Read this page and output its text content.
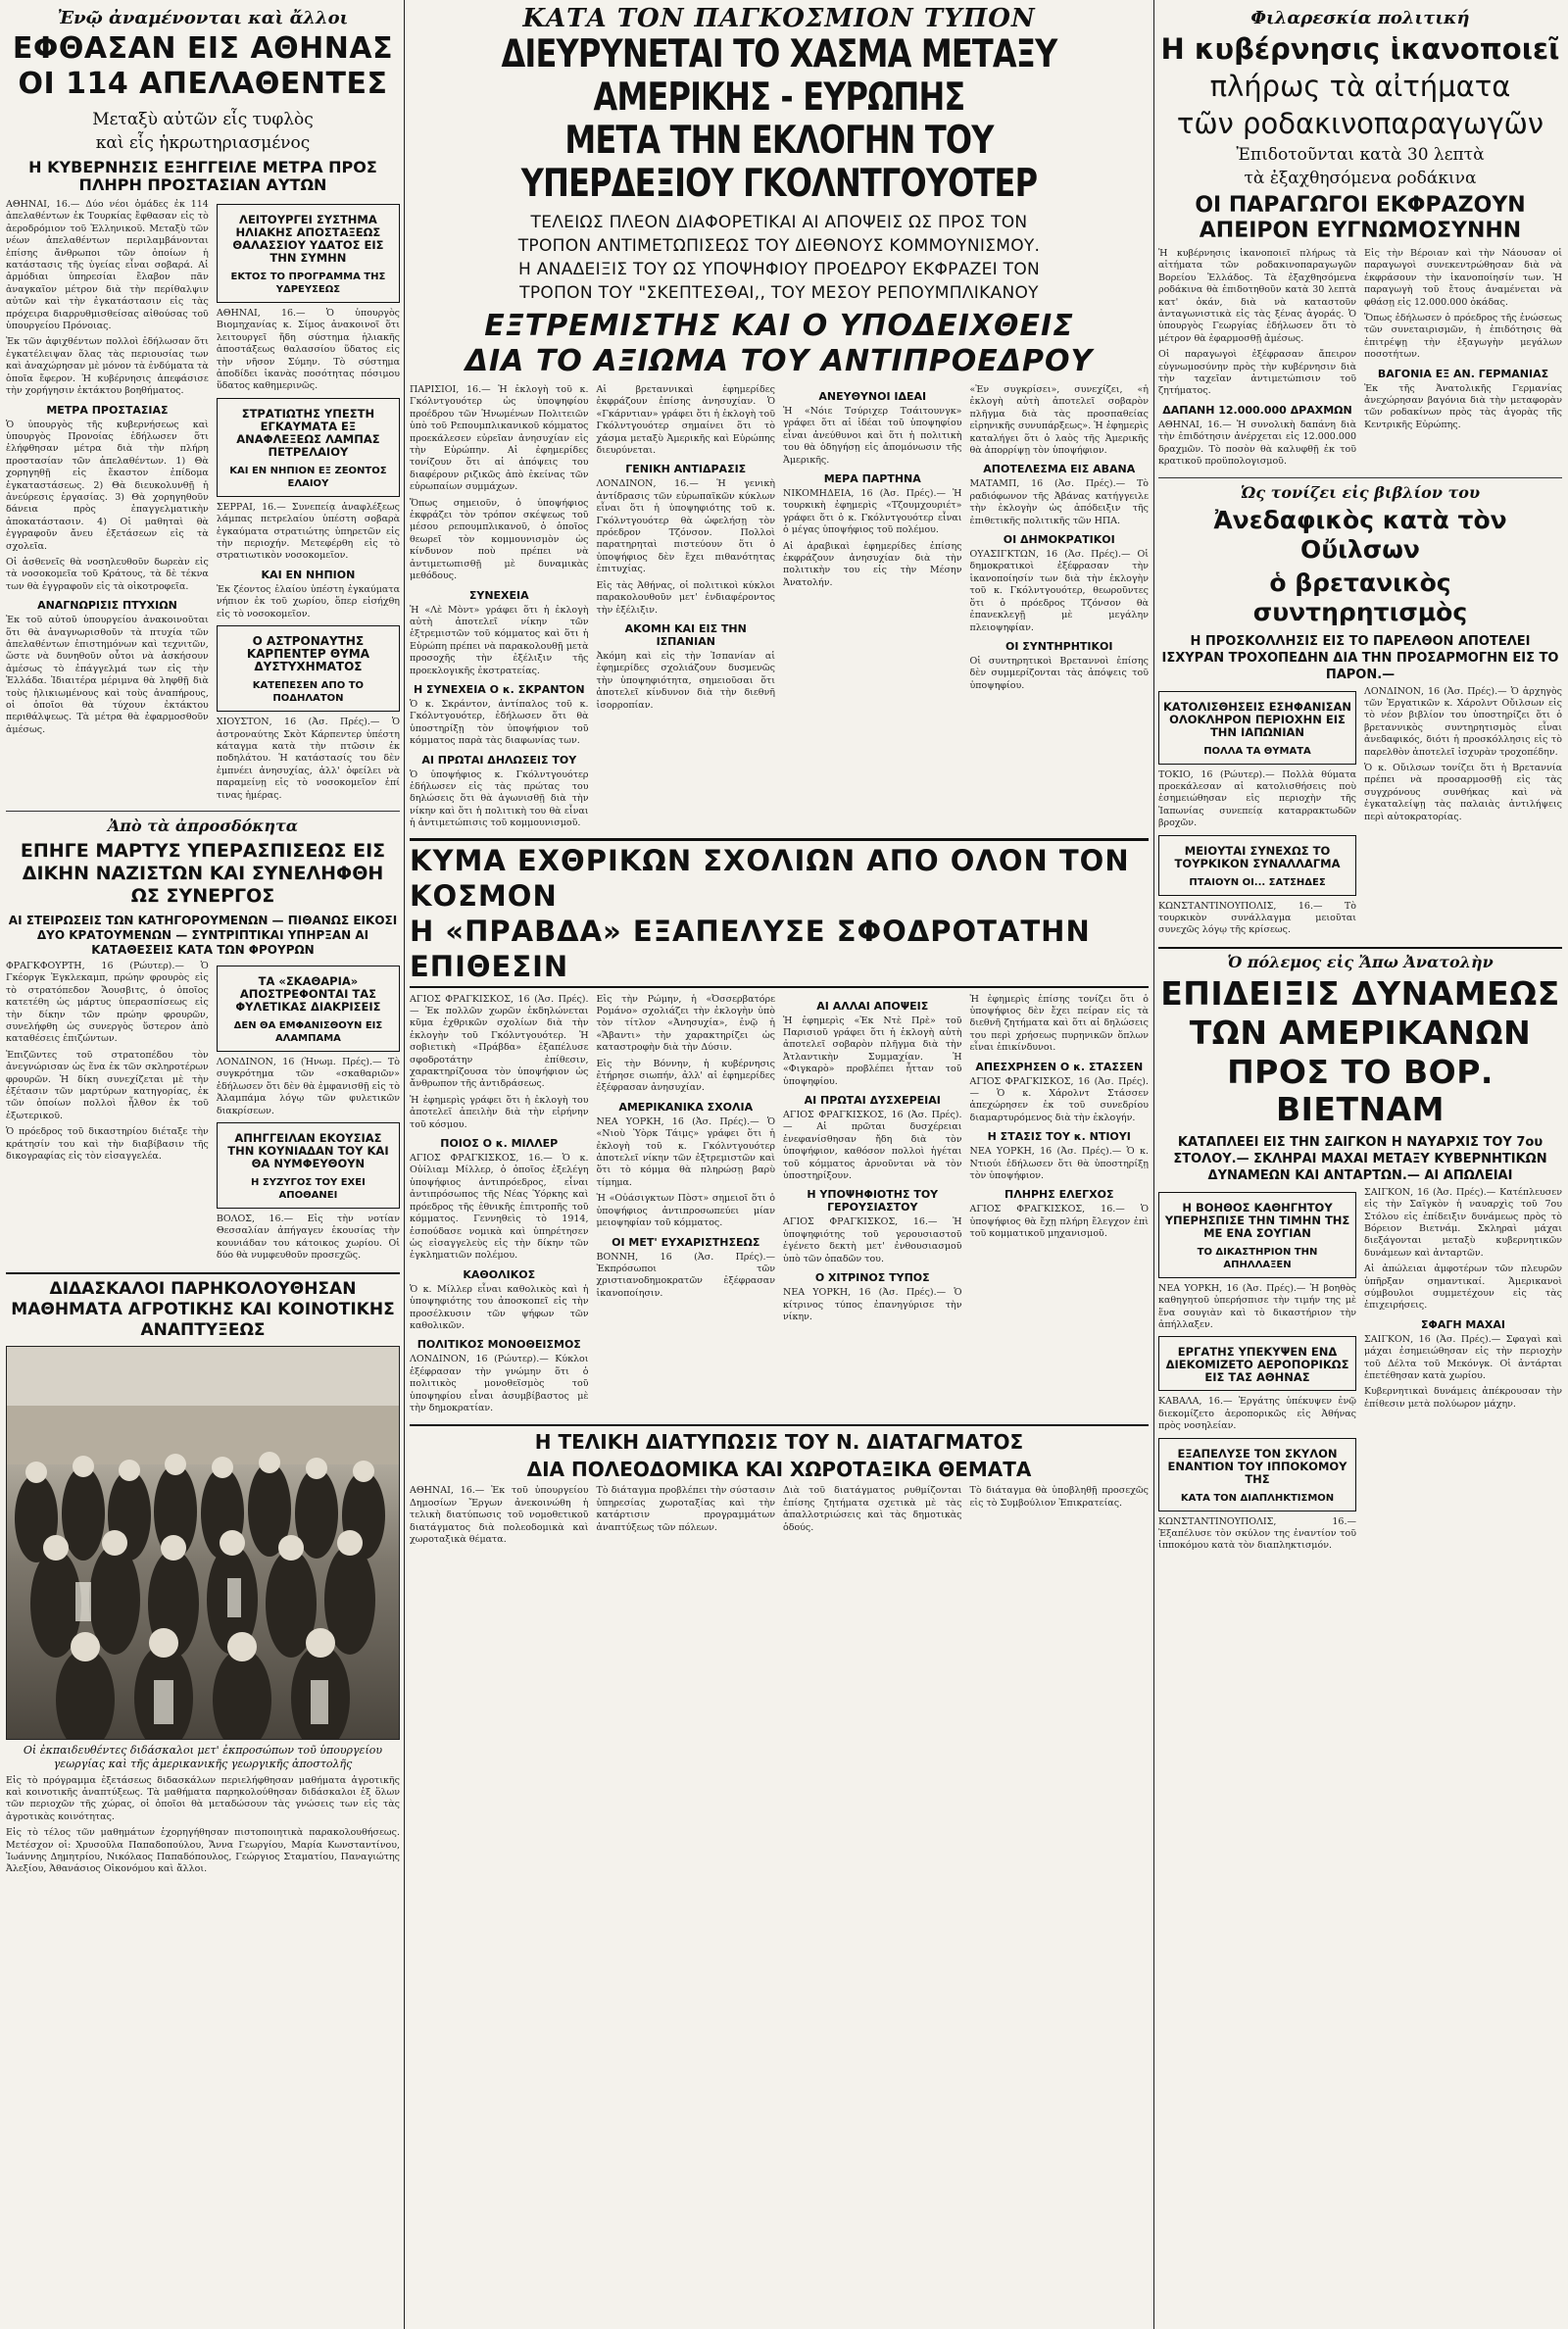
Ἐνῷ ἀναμένονται καὶ ἄλλοι
ΕΦΘΑΣΑΝ ΕΙΣ ΑΘΗΝΑΣ
ΟΙ 114 ΑΠΕΛΑΘΕΝΤΕΣ
Μεταξὺ αὐτῶν εἷς τυφλὸς
καὶ εἷς ἡκρωτηριασμένος
Η ΚΥΒΕΡΝΗΣΙΣ ΕΞΗΓΓΕΙΛΕ ΜΕΤΡΑ ΠΡΟΣ ΠΛΗΡΗ ΠΡΟΣΤΑΣΙΑΝ ΑΥΤΩΝ

ΑΘΗΝΑΙ, 16.— Δύο νέοι ὁμάδες ἐκ 114 ἀπελαθέντων ἐκ Τουρκίας ἔφθασαν εἰς τὸ ἀεροδρόμιον τοῦ Ἑλληνικοῦ. Μεταξὺ τῶν νέων ἀπελαθέντων περιλαμβάνονται ἐπίσης ἄνθρωποι τῶν ὁποίων ἡ κατάστασις τῆς ὑγείας εἶναι σοβαρά. Αἱ ἀρμόδιαι ὑπηρεσίαι ἔλαβον πᾶν ἀναγκαῖον μέτρον διὰ τὴν περίθαλψιν αὐτῶν καὶ τὴν ἐγκατάστασιν εἰς τὰς πρόχειρα διαρρυθμισθείσας αἰθούσας τοῦ ὑπουργείου Πρόνοιας.

Ἐκ τῶν ἀφιχθέντων πολλοὶ ἐδήλωσαν ὅτι ἐγκατέλειψαν ὅλας τὰς περιουσίας των καὶ ἀναχώρησαν μὲ μόνον τὰ ἐνδύματα τὰ ὁποῖα ἔφερον. Ἡ κυβέρνησις ἀπεφάσισε τὴν χορήγησιν ἐκτάκτου βοηθήματος.

ΜΕΤΡΑ ΠΡΟΣΤΑΣΙΑΣ

Ὁ ὑπουργὸς τῆς κυβερνήσεως καὶ ὑπουργὸς Προνοίας ἐδήλωσεν ὅτι ἐλήφθησαν μέτρα διὰ τὴν πλήρη προστασίαν τῶν ἀπελαθέντων. 1) Θὰ χορηγηθῇ εἰς ἕκαστον ἐπίδομα ἐγκαταστάσεως. 2) Θὰ διευκολυνθῇ ἡ ἀνεύρεσις ἐργασίας. 3) Θὰ χορηγηθοῦν δάνεια πρὸς ἐπαγγελματικὴν ἀποκατάστασιν. 4) Οἱ μαθηταὶ θὰ ἐγγραφοῦν ἄνευ ἐξετάσεων εἰς τὰ σχολεῖα.

Οἱ ἀσθενεῖς θὰ νοσηλευθοῦν δωρεὰν εἰς τὰ νοσοκομεῖα τοῦ Κράτους, τὰ δὲ τέκνα των θὰ ἐγγραφοῦν εἰς τὰ οἰκοτροφεῖα.

ΑΝΑΓΝΩΡΙΣΙΣ ΠΤΥΧΙΩΝ

Ἐκ τοῦ αὐτοῦ ὑπουργείου ἀνακοινοῦται ὅτι θὰ ἀναγνωρισθοῦν τὰ πτυχία τῶν ἀπελαθέντων ἐπιστημόνων καὶ τεχνιτῶν, ὥστε νὰ δυνηθοῦν οὗτοι νὰ ἀσκήσουν ἀμέσως τὸ ἐπάγγελμά των εἰς τὴν Ἑλλάδα. Ἰδιαιτέρα μέριμνα θὰ ληφθῇ διὰ τοὺς ἡλικιωμένους καὶ τοὺς ἀναπήρους, οἱ ὁποῖοι θὰ τύχουν ἐκτάκτου περιθάλψεως. Τὰ μέτρα θὰ ἐφαρμοσθοῦν ἀμέσως.

ΛΕΙΤΟΥΡΓΕΙ ΣΥΣΤΗΜΑ ΗΛΙΑΚΗΣ ΑΠΟΣΤΑΞΕΩΣ ΘΑΛΑΣΣΙΟΥ ΥΔΑΤΟΣ ΕΙΣ ΤΗΝ ΣΥΜΗΝ
ΕΚΤΟΣ ΤΟ ΠΡΟΓΡΑΜΜΑ ΤΗΣ ΥΔΡΕΥΣΕΩΣ

ΑΘΗΝΑΙ, 16.— Ὁ ὑπουργὸς Βιομηχανίας κ. Σίμος ἀνακοινοῖ ὅτι λειτουργεῖ ἤδη σύστημα ἡλιακῆς ἀποστάξεως θαλασσίου ὕδατος εἰς τὴν νῆσον Σύμην. Τὸ σύστημα ἀποδίδει ἱκανὰς ποσότητας πόσιμου ὕδατος καθημερινῶς.

ΣΤΡΑΤΙΩΤΗΣ ΥΠΕΣΤΗ ΕΓΚΑΥΜΑΤΑ ΕΞ ΑΝΑΦΛΕΞΕΩΣ ΛΑΜΠΑΣ ΠΕΤΡΕΛΑΙΟΥ
ΚΑΙ ΕΝ ΝΗΠΙΟΝ ΕΞ ΖΕΟΝΤΟΣ ΕΛΑΙΟΥ

ΣΕΡΡΑΙ, 16.— Συνεπείᾳ ἀναφλέξεως λάμπας πετρελαίου ὑπέστη σοβαρὰ ἐγκαύματα στρατιώτης ὑπηρετῶν εἰς τὴν περιοχήν. Μετεφέρθη εἰς τὸ στρατιωτικὸν νοσοκομεῖον.

ΚΑΙ ΕΝ ΝΗΠΙΟΝ

Ἐκ ζέοντος ἐλαίου ὑπέστη ἐγκαύματα νήπιον ἐκ τοῦ χωρίου, ὅπερ εἰσήχθη εἰς τὸ νοσοκομεῖον.

Ο ΑΣΤΡΟΝΑΥΤΗΣ ΚΑΡΠΕΝΤΕΡ ΘΥΜΑ ΔΥΣΤΥΧΗΜΑΤΟΣ
ΚΑΤΕΠΕΣΕΝ ΑΠΟ ΤΟ ΠΟΔΗΛΑΤΟΝ

ΧΙΟΥΣΤΟΝ, 16 (Ἀσ. Πρές).— Ὁ ἀστροναύτης Σκὸτ Κάρπεντερ ὑπέστη κάταγμα κατὰ τὴν πτῶσιν ἐκ ποδηλάτου. Ἡ κατάστασίς του δὲν ἐμπνέει ἀνησυχίας, ἀλλ' ὀφείλει νὰ παραμείνῃ εἰς τὸ νοσοκομεῖον ἐπί τινας ἡμέρας.

Ἀπὸ τὰ ἀπροσδόκητα
ΕΠΗΓΕ ΜΑΡΤΥΣ ΥΠΕΡΑΣΠΙΣΕΩΣ ΕΙΣ ΔΙΚΗΝ ΝΑΖΙΣΤΩΝ ΚΑΙ ΣΥΝΕΛΗΦΘΗ ΩΣ ΣΥΝΕΡΓΟΣ
ΑΙ ΣΤΕΙΡΩΣΕΙΣ ΤΩΝ ΚΑΤΗΓΟΡΟΥΜΕΝΩΝ — ΠΙΘΑΝΩΣ ΕΙΚΟΣΙ ΔΥΟ ΚΡΑΤΟΥΜΕΝΩΝ — ΣΥΝΤΡΙΠΤΙΚΑΙ ΥΠΗΡΞΑΝ ΑΙ ΚΑΤΑΘΕΣΕΙΣ ΚΑΤΑ ΤΩΝ ΦΡΟΥΡΩΝ

ΦΡΑΓΚΦΟΥΡΤΗ, 16 (Ρώυτερ).— Ὁ Γκέοργκ Ἐγκλεκαμπ, πρώην φρουρὸς εἰς τὸ στρατόπεδον Ἄουσβιτς, ὁ ὁποῖος κατετέθη ὡς μάρτυς ὑπερασπίσεως εἰς τὴν δίκην τῶν πρώην φρουρῶν, συνελήφθη ὡς συνεργὸς ὕστερον ἀπὸ καταθέσεις ἐπιζώντων.

Ἐπιζῶντες τοῦ στρατοπέδου τὸν ἀνεγνώρισαν ὡς ἕνα ἐκ τῶν σκληροτέρων φρουρῶν. Ἡ δίκη συνεχίζεται μὲ τὴν ἐξέτασιν τῶν μαρτύρων κατηγορίας, ἐκ τῶν ὁποίων πολλοὶ ἦλθον ἐκ τοῦ ἐξωτερικοῦ.

Ὁ πρόεδρος τοῦ δικαστηρίου διέταξε τὴν κράτησίν του καὶ τὴν διαβίβασιν τῆς δικογραφίας εἰς τὸν εἰσαγγελέα.

ΤΑ «ΣΚΑΘΑΡΙΑ» ΑΠΟΣΤΡΕΦΟΝΤΑΙ ΤΑΣ ΦΥΛΕΤΙΚΑΣ ΔΙΑΚΡΙΣΕΙΣ
ΔΕΝ ΘΑ ΕΜΦΑΝΙΣΘΟΥΝ ΕΙΣ ΑΛΑΜΠΑΜΑ

ΛΟΝΔΙΝΟΝ, 16 (Ἠνωμ. Πρές).— Τὸ συγκρότημα τῶν «σκαθαριῶν» ἐδήλωσεν ὅτι δὲν θὰ ἐμφανισθῇ εἰς τὸ Ἀλαμπάμα λόγῳ τῶν φυλετικῶν διακρίσεων.

ΑΠΗΓΓΕΙΛΑΝ ΕΚΟΥΣΙΑΣ ΤΗΝ ΚΟΥΝΙΑΔΑΝ ΤΟΥ ΚΑΙ ΘΑ ΝΥΜΦΕΥΘΟΥΝ
Η ΣΥΖΥΓΟΣ ΤΟΥ ΕΧΕΙ ΑΠΟΘΑΝΕΙ

ΒΟΛΟΣ, 16.— Εἰς τὴν νοτίαν Θεσσαλίαν ἀπήγαγεν ἑκουσίας τὴν κουνιάδαν του κάτοικος χωρίου. Οἱ δύο θὰ νυμφευθοῦν προσεχῶς.

ΔΙΔΑΣΚΑΛΟΙ ΠΑΡΗΚΟΛΟΥΘΗΣΑΝ ΜΑΘΗΜΑΤΑ ΑΓΡΟΤΙΚΗΣ ΚΑΙ ΚΟΙΝΟΤΙΚΗΣ ΑΝΑΠΤΥΞΕΩΣ
Οἱ ἐκπαιδευθέντες διδάσκαλοι μετ' ἐκπροσώπων τοῦ ὑπουργείου γεωργίας καὶ τῆς ἀμερικανικῆς γεωργικῆς ἀποστολῆς

Εἰς τὸ πρόγραμμα ἐξετάσεως διδασκάλων περιελήφθησαν μαθήματα ἀγροτικῆς καὶ κοινοτικῆς ἀναπτύξεως. Τὰ μαθήματα παρηκολούθησαν διδάσκαλοι ἐξ ὅλων τῶν περιοχῶν τῆς χώρας, οἱ ὁποῖοι θὰ μεταδώσουν τὰς γνώσεις των εἰς τὰς ἀγροτικὰς κοινότητας.

Εἰς τὸ τέλος τῶν μαθημάτων ἐχορηγήθησαν πιστοποιητικὰ παρακολουθήσεως. Μετέσχον οἱ: Χρυσοῦλα Παπαδοπούλου, Ἄννα Γεωργίου, Μαρία Κωνσταντίνου, Ἰωάννης Δημητρίου, Νικόλαος Παπαδόπουλος, Γεώργιος Σταματίου, Παναγιώτης Ἀλεξίου, Ἀθανάσιος Οἰκονόμου καὶ ἄλλοι.

ΚΑΤΑ ΤΟΝ ΠΑΓΚΟΣΜΙΟΝ ΤΥΠΟΝ
ΔΙΕΥΡΥΝΕΤΑΙ ΤΟ ΧΑΣΜΑ ΜΕΤΑΞΥ ΑΜΕΡΙΚΗΣ - ΕΥΡΩΠΗΣ
ΜΕΤΑ ΤΗΝ ΕΚΛΟΓΗΝ ΤΟΥ ΥΠΕΡΔΕΞΙΟΥ ΓΚΟΛΝΤΓΟΥΟΤΕΡ
ΤΕΛΕΙΩΣ ΠΛΕΟΝ ΔΙΑΦΟΡΕΤΙΚΑΙ ΑΙ ΑΠΟΨΕΙΣ ΩΣ ΠΡΟΣ ΤΟΝ
ΤΡΟΠΟΝ ΑΝΤΙΜΕΤΩΠΙΣΕΩΣ ΤΟΥ ΔΙΕΘΝΟΥΣ ΚΟΜΜΟΥΝΙΣΜΟΥ.
Η ΑΝΑΔΕΙΞΙΣ ΤΟΥ ΩΣ ΥΠΟΨΗΦΙΟΥ ΠΡΟΕΔΡΟΥ ΕΚΦΡΑΖΕΙ ΤΟΝ
ΤΡΟΠΟΝ ΤΟΥ "ΣΚΕΠΤΕΣΘΑΙ,, ΤΟΥ ΜΕΣΟΥ ΡΕΠΟΥΜΠΛΙΚΑΝΟΥ
ΕΞΤΡΕΜΙΣΤΗΣ ΚΑΙ Ο ΥΠΟΔΕΙΧΘΕΙΣ
ΔΙΑ ΤΟ ΑΞΙΩΜΑ ΤΟΥ ΑΝΤΙΠΡΟΕΔΡΟΥ

ΠΑΡΙΣΙΟΙ, 16.— Ἡ ἐκλογὴ τοῦ κ. Γκόλντγουότερ ὡς ὑποψηφίου προέδρου τῶν Ἡνωμένων Πολιτειῶν ὑπὸ τοῦ Ρεπουμπλικανικοῦ κόμματος προεκάλεσεν εὐρεῖαν ἀνησυχίαν εἰς τὴν Εὐρώπην. Αἱ ἐφημερίδες τονίζουν ὅτι αἱ ἀπόψεις του διαφέρουν ριζικῶς ἀπὸ ἐκείνας τῶν εὐρωπαίων συμμάχων.

Ὅπως σημειοῦν, ὁ ὑποψήφιος ἐκφράζει τὸν τρόπον σκέψεως τοῦ μέσου ρεπουμπλικανοῦ, ὁ ὁποῖος θεωρεῖ τὸν κομμουνισμὸν ὡς κίνδυνον ποὺ πρέπει νὰ ἀντιμετωπισθῇ μὲ δυναμικὰς μεθόδους.

ΣΥΝΕΧΕΙΑ

Ἡ «Λὲ Μὸντ» γράφει ὅτι ἡ ἐκλογὴ αὐτὴ ἀποτελεῖ νίκην τῶν ἐξτρεμιστῶν τοῦ κόμματος καὶ ὅτι ἡ Εὐρώπη πρέπει νὰ παρακολουθῇ μετὰ προσοχῆς τὴν ἐξέλιξιν τῆς προεκλογικῆς ἐκστρατείας.

Η ΣΥΝΕΧΕΙΑ Ο κ. ΣΚΡΑΝΤΟΝ

Ὁ κ. Σκράντον, ἀντίπαλος τοῦ κ. Γκόλντγουότερ, ἐδήλωσεν ὅτι θὰ ὑποστηρίξῃ τὸν ὑποψήφιον τοῦ κόμματος παρὰ τὰς διαφωνίας των.

ΑΙ ΠΡΩΤΑΙ ΔΗΛΩΣΕΙΣ ΤΟΥ

Ὁ ὑποψήφιος κ. Γκόλντγουότερ ἐδήλωσεν εἰς τὰς πρώτας του δηλώσεις ὅτι θὰ ἀγωνισθῇ διὰ τὴν νίκην καὶ ὅτι ἡ πολιτικὴ του θὰ εἶναι ἡ ἀντιμετώπισις τοῦ κομμουνισμοῦ.

Αἱ βρεταννικαὶ ἐφημερίδες ἐκφράζουν ἐπίσης ἀνησυχίαν. Ὁ «Γκάρντιαν» γράφει ὅτι ἡ ἐκλογὴ τοῦ Γκόλντγουότερ σημαίνει ὅτι τὸ χάσμα μεταξὺ Ἀμερικῆς καὶ Εὐρώπης διευρύνεται.

ΓΕΝΙΚΗ ΑΝΤΙΔΡΑΣΙΣ

ΛΟΝΔΙΝΟΝ, 16.— Ἡ γενικὴ ἀντίδρασις τῶν εὐρωπαϊκῶν κύκλων εἶναι ὅτι ἡ ὑποψηφιότης τοῦ κ. Γκόλντγουότερ θὰ ὠφελήσῃ τὸν πρόεδρον Τζόνσον. Πολλοὶ παρατηρηταὶ πιστεύουν ὅτι ὁ ὑποψήφιος δὲν ἔχει πιθανότητας ἐπιτυχίας.

Εἰς τὰς Ἀθήνας, οἱ πολιτικοὶ κύκλοι παρακολουθοῦν μετ' ἐνδιαφέροντος τὴν ἐξέλιξιν.

ΑΚΟΜΗ ΚΑΙ ΕΙΣ ΤΗΝ ΙΣΠΑΝΙΑΝ

Ἀκόμη καὶ εἰς τὴν Ἰσπανίαν αἱ ἐφημερίδες σχολιάζουν δυσμενῶς τὴν ὑποψηφιότητα, σημειοῦσαι ὅτι ἀποτελεῖ κίνδυνον διὰ τὴν διεθνῆ ἰσορροπίαν.

ΑΝΕΥΘΥΝΟΙ ΙΔΕΑΙ

Ἡ «Νόιε Τσύριχερ Τσάιτουνγκ» γράφει ὅτι αἱ ἰδέαι τοῦ ὑποψηφίου εἶναι ἀνεύθυνοι καὶ ὅτι ἡ πολιτικὴ του θὰ ὁδηγήσῃ εἰς ἀπομόνωσιν τῆς Ἀμερικῆς.

ΜΕΡΑ ΠΑΡΤΗΝΑ

ΝΙΚΟΜΗΔΕΙΑ, 16 (Ἀσ. Πρές).— Ἡ τουρκικὴ ἐφημερὶς «Τζουμχουριέτ» γράφει ὅτι ὁ κ. Γκόλντγουότερ εἶναι ὁ μέγας ὑποψήφιος τοῦ πολέμου.

Αἱ ἀραβικαὶ ἐφημερίδες ἐπίσης ἐκφράζουν ἀνησυχίαν διὰ τὴν πολιτικὴν του εἰς τὴν Μέσην Ἀνατολήν.

«Ἐν συγκρίσει», συνεχίζει, «ἡ ἐκλογὴ αὐτὴ ἀποτελεῖ σοβαρὸν πλῆγμα διὰ τὰς προσπαθείας εἰρηνικῆς συνυπάρξεως». Ἡ ἐφημερὶς καταλήγει ὅτι ὁ λαὸς τῆς Ἀμερικῆς θὰ ἀπορρίψῃ τὸν ὑποψήφιον.

ΑΠΟΤΕΛΕΣΜΑ ΕΙΣ ΑΒΑΝΑ

ΜΑΤΑΜΠ, 16 (Ἀσ. Πρές).— Τὸ ραδιόφωνον τῆς Ἀβάνας κατήγγειλε τὴν ἐκλογὴν ὡς ἀπόδειξιν τῆς ἐπιθετικῆς πολιτικῆς τῶν ΗΠΑ.

ΟΙ ΔΗΜΟΚΡΑΤΙΚΟΙ

ΟΥΑΣΙΓΚΤΩΝ, 16 (Ἀσ. Πρές).— Οἱ δημοκρατικοὶ ἐξέφρασαν τὴν ἱκανοποίησίν των διὰ τὴν ἐκλογὴν τοῦ κ. Γκόλντγουότερ, θεωροῦντες ὅτι ὁ πρόεδρος Τζόνσον θὰ ἐπανεκλεγῇ μὲ μεγάλην πλειοψηφίαν.

ΟΙ ΣΥΝΤΗΡΗΤΙΚΟΙ

Οἱ συντηρητικοὶ Βρεταννοὶ ἐπίσης δὲν συμμερίζονται τὰς ἀπόψεις τοῦ ὑποψηφίου.

ΚΥΜΑ ΕΧΘΡΙΚΩΝ ΣΧΟΛΙΩΝ ΑΠΟ ΟΛΟΝ ΤΟΝ ΚΟΣΜΟΝ
Η «ΠΡΑΒΔΑ» ΕΞΑΠΕΛΥΣΕ ΣΦΟΔΡΟΤΑΤΗΝ ΕΠΙΘΕΣΙΝ

ΑΓΙΟΣ ΦΡΑΓΚΙΣΚΟΣ, 16 (Ἀσ. Πρές).— Ἐκ πολλῶν χωρῶν ἐκδηλώνεται κῦμα ἐχθρικῶν σχολίων διὰ τὴν ἐκλογὴν τοῦ Γκόλντγουότερ. Ἡ σοβιετικὴ «Πράβδα» ἐξαπέλυσε σφοδροτάτην ἐπίθεσιν, χαρακτηρίζουσα τὸν ὑποψήφιον ὡς ἄνθρωπον τῆς ἀντιδράσεως.

Ἡ ἐφημερὶς γράφει ὅτι ἡ ἐκλογὴ του ἀποτελεῖ ἀπειλὴν διὰ τὴν εἰρήνην τοῦ κόσμου.

ΠΟΙΟΣ Ο κ. ΜΙΛΛΕΡ

ΑΓΙΟΣ ΦΡΑΓΚΙΣΚΟΣ, 16.— Ὁ κ. Οὐίλιαμ Μίλλερ, ὁ ὁποῖος ἐξελέγη ὑποψήφιος ἀντιπρόεδρος, εἶναι ἀντιπρόσωπος τῆς Νέας Ὑόρκης καὶ πρόεδρος τῆς ἐθνικῆς ἐπιτροπῆς τοῦ κόμματος. Γεννηθεὶς τὸ 1914, ἐσπούδασε νομικὰ καὶ ὑπηρέτησεν ὡς εἰσαγγελεὺς εἰς τὴν δίκην τῶν ἐγκληματιῶν πολέμου.

ΚΑΘΟΛΙΚΟΣ

Ὁ κ. Μίλλερ εἶναι καθολικὸς καὶ ἡ ὑποψηφιότης του ἀποσκοπεῖ εἰς τὴν προσέλκυσιν τῶν ψήφων τῶν καθολικῶν.

ΠΟΛΙΤΙΚΟΣ ΜΟΝΟΘΕΙΣΜΟΣ

ΛΟΝΔΙΝΟΝ, 16 (Ρώυτερ).— Κύκλοι ἐξέφρασαν τὴν γνώμην ὅτι ὁ πολιτικὸς μονοθεϊσμὸς τοῦ ὑποψηφίου εἶναι ἀσυμβίβαστος μὲ τὴν δημοκρατίαν.

Εἰς τὴν Ρώμην, ἡ «Ὀσσερβατόρε Ρομάνο» σχολιάζει τὴν ἐκλογὴν ὑπὸ τὸν τίτλον «Ἀνησυχία», ἐνῷ ἡ «Ἄβαντι» τὴν χαρακτηρίζει ὡς καταστροφὴν διὰ τὴν Δύσιν.

Εἰς τὴν Βόννην, ἡ κυβέρνησις ἐτήρησε σιωπήν, ἀλλ' αἱ ἐφημερίδες ἐξέφρασαν ἀνησυχίαν.

ΑΜΕΡΙΚΑΝΙΚΑ ΣΧΟΛΙΑ

ΝΕΑ ΥΟΡΚΗ, 16 (Ἀσ. Πρές).— Ὁ «Νιοὺ Ὑὸρκ Τάιμς» γράφει ὅτι ἡ ἐκλογὴ τοῦ κ. Γκόλντγουότερ ἀποτελεῖ νίκην τῶν ἐξτρεμιστῶν καὶ ὅτι τὸ κόμμα θὰ πληρώσῃ βαρὺ τίμημα.

Ἡ «Οὐάσιγκτων Πὸστ» σημειοῖ ὅτι ὁ ὑποψήφιος ἀντιπροσωπεύει μίαν μειοψηφίαν τοῦ κόμματος.

ΟΙ ΜΕΤ' ΕΥΧΑΡΙΣΤΗΣΕΩΣ

ΒΟΝΝΗ, 16 (Ἀσ. Πρές).— Ἐκπρόσωποι τῶν χριστιανοδημοκρατῶν ἐξέφρασαν ἱκανοποίησιν.

ΑΙ ΑΛΛΑΙ ΑΠΟΨΕΙΣ

Ἡ ἐφημερὶς «Ἐκ Ντὲ Πρὲ» τοῦ Παρισιοῦ γράφει ὅτι ἡ ἐκλογὴ αὐτὴ ἀποτελεῖ σοβαρὸν πλῆγμα διὰ τὴν Ἀτλαντικὴν Συμμαχίαν. Ἡ «Φιγκαρὸ» προβλέπει ἧτταν τοῦ ὑποψηφίου.

ΑΙ ΠΡΩΤΑΙ ΔΥΣΧΕΡΕΙΑΙ

ΑΓΙΟΣ ΦΡΑΓΚΙΣΚΟΣ, 16 (Ἀσ. Πρές).— Αἱ πρῶται δυσχέρειαι ἐνεφανίσθησαν ἤδη διὰ τὸν ὑποψήφιον, καθόσον πολλοὶ ἡγέται τοῦ κόμματος ἀρνοῦνται νὰ τὸν ὑποστηρίξουν.

Η ΥΠΟΨΗΦΙΟΤΗΣ ΤΟΥ ΓΕΡΟΥΣΙΑΣΤΟΥ

ΑΓΙΟΣ ΦΡΑΓΚΙΣΚΟΣ, 16.— Ἡ ὑποψηφιότης τοῦ γερουσιαστοῦ ἐγένετο δεκτὴ μετ' ἐνθουσιασμοῦ ὑπὸ τῶν ὀπαδῶν του.

Ο ΧΙΤΡΙΝΟΣ ΤΥΠΟΣ

ΝΕΑ ΥΟΡΚΗ, 16 (Ἀσ. Πρές).— Ὁ κίτρινος τύπος ἐπανηγύρισε τὴν νίκην.

Ἡ ἐφημερὶς ἐπίσης τονίζει ὅτι ὁ ὑποψήφιος δὲν ἔχει πείραν εἰς τὰ διεθνῆ ζητήματα καὶ ὅτι αἱ δηλώσεις του περὶ χρήσεως πυρηνικῶν ὅπλων εἶναι ἐπικίνδυνοι.

ΑΠΕΣΧΡΗΣΕΝ Ο κ. ΣΤΑΣΣΕΝ

ΑΓΙΟΣ ΦΡΑΓΚΙΣΚΟΣ, 16 (Ἀσ. Πρές).— Ὁ κ. Χάρολντ Στάσσεν ἀπεχώρησεν ἐκ τοῦ συνεδρίου διαμαρτυρόμενος διὰ τὴν ἐκλογήν.

Η ΣΤΑΣΙΣ ΤΟΥ κ. ΝΤΙΟΥΙ

ΝΕΑ ΥΟΡΚΗ, 16 (Ἀσ. Πρές).— Ὁ κ. Ντιούι ἐδήλωσεν ὅτι θὰ ὑποστηρίξῃ τὸν ὑποψήφιον.

ΠΛΗΡΗΣ ΕΛΕΓΧΟΣ

ΑΓΙΟΣ ΦΡΑΓΚΙΣΚΟΣ, 16.— Ὁ ὑποψήφιος θὰ ἔχῃ πλήρη ἔλεγχον ἐπὶ τοῦ κομματικοῦ μηχανισμοῦ.

Η ΤΕΛΙΚΗ ΔΙΑΤΥΠΩΣΙΣ ΤΟΥ Ν. ΔΙΑΤΑΓΜΑΤΟΣ
ΔΙΑ ΠΟΛΕΟΔΟΜΙΚΑ ΚΑΙ ΧΩΡΟΤΑΞΙΚΑ ΘΕΜΑΤΑ

ΑΘΗΝΑΙ, 16.— Ἐκ τοῦ ὑπουργείου Δημοσίων Ἔργων ἀνεκοινώθη ἡ τελικὴ διατύπωσις τοῦ νομοθετικοῦ διατάγματος διὰ πολεοδομικὰ καὶ χωροταξικὰ θέματα.

Τὸ διάταγμα προβλέπει τὴν σύστασιν ὑπηρεσίας χωροταξίας καὶ τὴν κατάρτισιν προγραμμάτων ἀναπτύξεως τῶν πόλεων.

Διὰ τοῦ διατάγματος ρυθμίζονται ἐπίσης ζητήματα σχετικὰ μὲ τὰς ἀπαλλοτριώσεις καὶ τὰς δημοτικὰς ὁδούς.

Τὸ διάταγμα θὰ ὑποβληθῇ προσεχῶς εἰς τὸ Συμβούλιον Ἐπικρατείας.

Φιλαρεσκία πολιτική
Η κυβέρνησις ἱκανοποιεῖ
πλήρως τὰ αἰτήματα
τῶν ροδακινοπαραγωγῶν
Ἐπιδοτοῦνται κατὰ 30 λεπτὰ
τὰ ἐξαχθησόμενα ροδάκινα
ΟΙ ΠΑΡΑΓΩΓΟΙ ΕΚΦΡΑΖΟΥΝ ΑΠΕΙΡΟΝ ΕΥΓΝΩΜΟΣΥΝΗΝ

Ἡ κυβέρνησις ἱκανοποιεῖ πλήρως τὰ αἰτήματα τῶν ροδακινοπαραγωγῶν Βορείου Ἑλλάδος. Τὰ ἐξαχθησόμενα ροδάκινα θὰ ἐπιδοτηθοῦν κατὰ 30 λεπτὰ κατ' ὀκάν, διὰ νὰ καταστοῦν ἀνταγωνιστικὰ εἰς τὰς ξένας ἀγοράς. Ὁ ὑπουργὸς Γεωργίας ἐδήλωσεν ὅτι τὸ μέτρον θὰ ἐφαρμοσθῇ ἀμέσως.

Οἱ παραγωγοὶ ἐξέφρασαν ἄπειρον εὐγνωμοσύνην πρὸς τὴν κυβέρνησιν διὰ τὴν ταχεῖαν ἀντιμετώπισιν τοῦ ζητήματος.

ΔΑΠΑΝΗ 12.000.000 ΔΡΑΧΜΩΝ

ΑΘΗΝΑΙ, 16.— Ἡ συνολικὴ δαπάνη διὰ τὴν ἐπιδότησιν ἀνέρχεται εἰς 12.000.000 δραχμῶν. Τὸ ποσὸν θὰ καλυφθῇ ἐκ τοῦ κρατικοῦ προϋπολογισμοῦ.

Εἰς τὴν Βέροιαν καὶ τὴν Νάουσαν οἱ παραγωγοὶ συνεκεντρώθησαν διὰ νὰ ἐκφράσουν τὴν ἱκανοποίησίν των. Ἡ παραγωγὴ τοῦ ἔτους ἀναμένεται νὰ φθάσῃ εἰς 12.000.000 ὀκάδας.

Ὅπως ἐδήλωσεν ὁ πρόεδρος τῆς ἑνώσεως τῶν συνεταιρισμῶν, ἡ ἐπιδότησις θὰ ἐπιτρέψῃ τὴν ἐξαγωγὴν μεγάλων ποσοτήτων.

ΒΑΓΟΝΙΑ ΕΞ ΑΝ. ΓΕΡΜΑΝΙΑΣ

Ἐκ τῆς Ἀνατολικῆς Γερμανίας ἀνεχώρησαν βαγόνια διὰ τὴν μεταφορὰν τῶν ροδακίνων πρὸς τὰς ἀγορὰς τῆς Κεντρικῆς Εὐρώπης.

Ὡς τονίζει εἰς βιβλίον του
Ἀνεδαφικὸς κατὰ τὸν Οὔιλσων
ὁ βρετανικὸς συντηρητισμὸς
Η ΠΡΟΣΚΟΛΛΗΣΙΣ ΕΙΣ ΤΟ ΠΑΡΕΛΘΟΝ ΑΠΟΤΕΛΕΙ ΙΣΧΥΡΑΝ ΤΡΟΧΟΠΕΔΗΝ ΔΙΑ ΤΗΝ ΠΡΟΣΑΡΜΟΓΗΝ ΕΙΣ ΤΟ ΠΑΡΟΝ.—
ΚΑΤΟΛΙΣΘΗΣΕΙΣ ΕΣΗΦΑΝΙΣΑΝ ΟΛΟΚΛΗΡΟΝ ΠΕΡΙΟΧΗΝ ΕΙΣ ΤΗΝ ΙΑΠΩΝΙΑΝ
ΠΟΛΛΑ ΤΑ ΘΥΜΑΤΑ

ΤΟΚΙΟ, 16 (Ρώυτερ).— Πολλὰ θύματα προεκάλεσαν αἱ κατολισθήσεις ποὺ ἐσημειώθησαν εἰς περιοχὴν τῆς Ἰαπωνίας συνεπείᾳ καταρρακτωδῶν βροχῶν.

ΜΕΙΟΥΤΑΙ ΣΥΝΕΧΩΣ ΤΟ ΤΟΥΡΚΙΚΟΝ ΣΥΝΑΛΛΑΓΜΑ
ΠΤΑΙΟΥΝ ΟΙ... ΣΑΤΣΗΔΕΣ

ΚΩΝΣΤΑΝΤΙΝΟΥΠΟΛΙΣ, 16.— Τὸ τουρκικὸν συνάλλαγμα μειοῦται συνεχῶς λόγῳ τῆς κρίσεως.

ΛΟΝΔΙΝΟΝ, 16 (Ἀσ. Πρές).— Ὁ ἀρχηγὸς τῶν Ἐργατικῶν κ. Χάρολντ Οὔιλσων εἰς τὸ νέον βιβλίον του ὑποστηρίζει ὅτι ὁ βρεταννικὸς συντηρητισμὸς εἶναι ἀνεδαφικός, διότι ἡ προσκόλλησις εἰς τὸ παρελθὸν ἀποτελεῖ ἰσχυρὰν τροχοπέδην.

Ὁ κ. Οὔιλσων τονίζει ὅτι ἡ Βρεταννία πρέπει νὰ προσαρμοσθῇ εἰς τὰς συγχρόνους συνθήκας καὶ νὰ ἐγκαταλείψῃ τὰς παλαιὰς ἀντιλήψεις περὶ αὐτοκρατορίας.

Ὁ πόλεμος εἰς Ἄπω Ἀνατολὴν
ΕΠΙΔΕΙΞΙΣ ΔΥΝΑΜΕΩΣ
ΤΩΝ ΑΜΕΡΙΚΑΝΩΝ
ΠΡΟΣ ΤΟ ΒΟΡ. ΒΙΕΤΝΑΜ
ΚΑΤΑΠΛΕΕΙ ΕΙΣ ΤΗΝ ΣΑΙΓΚΟΝ Η ΝΑΥΑΡΧΙΣ ΤΟΥ 7ου ΣΤΟΛΟΥ.— ΣΚΛΗΡΑΙ ΜΑΧΑΙ ΜΕΤΑΞΥ ΚΥΒΕΡΝΗΤΙΚΩΝ ΔΥΝΑΜΕΩΝ ΚΑΙ ΑΝΤΑΡΤΩΝ.— ΑΙ ΑΠΩΛΕΙΑΙ
Η ΒΟΗΘΟΣ ΚΑΘΗΓΗΤΟΥ ΥΠΕΡΗΣΠΙΣΕ ΤΗΝ ΤΙΜΗΝ ΤΗΣ ΜΕ ΕΝΑ ΣΟΥΓΙΑΝ
ΤΟ ΔΙΚΑΣΤΗΡΙΟΝ ΤΗΝ ΑΠΗΛΛΑΞΕΝ

ΝΕΑ ΥΟΡΚΗ, 16 (Ἀσ. Πρές).— Ἡ βοηθὸς καθηγητοῦ ὑπερήσπισε τὴν τιμήν της μὲ ἕνα σουγιὰν καὶ τὸ δικαστήριον τὴν ἀπήλλαξεν.

ΕΡΓΑΤΗΣ ΥΠΕΚΥΨΕΝ ΕΝΔ ΔΙΕΚΟΜΙΖΕΤΟ ΑΕΡΟΠΟΡΙΚΩΣ ΕΙΣ ΤΑΣ ΑΘΗΝΑΣ

ΚΑΒΑΛΑ, 16.— Ἐργάτης ὑπέκυψεν ἐνῷ διεκομίζετο ἀεροπορικῶς εἰς Ἀθήνας πρὸς νοσηλείαν.

ΕΞΑΠΕΛΥΣΕ ΤΟΝ ΣΚΥΛΟΝ ΕΝΑΝΤΙΟΝ ΤΟΥ ΙΠΠΟΚΟΜΟΥ ΤΗΣ
ΚΑΤΑ ΤΟΝ ΔΙΑΠΛΗΚΤΙΣΜΟΝ

ΚΩΝΣΤΑΝΤΙΝΟΥΠΟΛΙΣ, 16.— Ἐξαπέλυσε τὸν σκύλον της ἐναντίον τοῦ ἱπποκόμου κατὰ τὸν διαπληκτισμόν.

ΣΑΙΓΚΟΝ, 16 (Ἀσ. Πρές).— Κατέπλευσεν εἰς τὴν Σαϊγκὸν ἡ ναυαρχὶς τοῦ 7ου Στόλου εἰς ἐπίδειξιν δυνάμεως πρὸς τὸ Βόρειον Βιετνάμ. Σκληραὶ μάχαι διεξάγονται μεταξὺ κυβερνητικῶν δυνάμεων καὶ ἀνταρτῶν.

Αἱ ἀπώλειαι ἀμφοτέρων τῶν πλευρῶν ὑπῆρξαν σημαντικαί. Ἀμερικανοὶ σύμβουλοι συμμετέχουν εἰς τὰς ἐπιχειρήσεις.

ΣΦΑΓΗ ΜΑΧΑΙ

ΣΑΙΓΚΟΝ, 16 (Ἀσ. Πρές).— Σφαγαὶ καὶ μάχαι ἐσημειώθησαν εἰς τὴν περιοχὴν τοῦ Δέλτα τοῦ Μεκόνγκ. Οἱ ἀντάρται ἐπετέθησαν κατὰ χωρίου.

Κυβερνητικαὶ δυνάμεις ἀπέκρουσαν τὴν ἐπίθεσιν μετὰ πολύωρον μάχην.
